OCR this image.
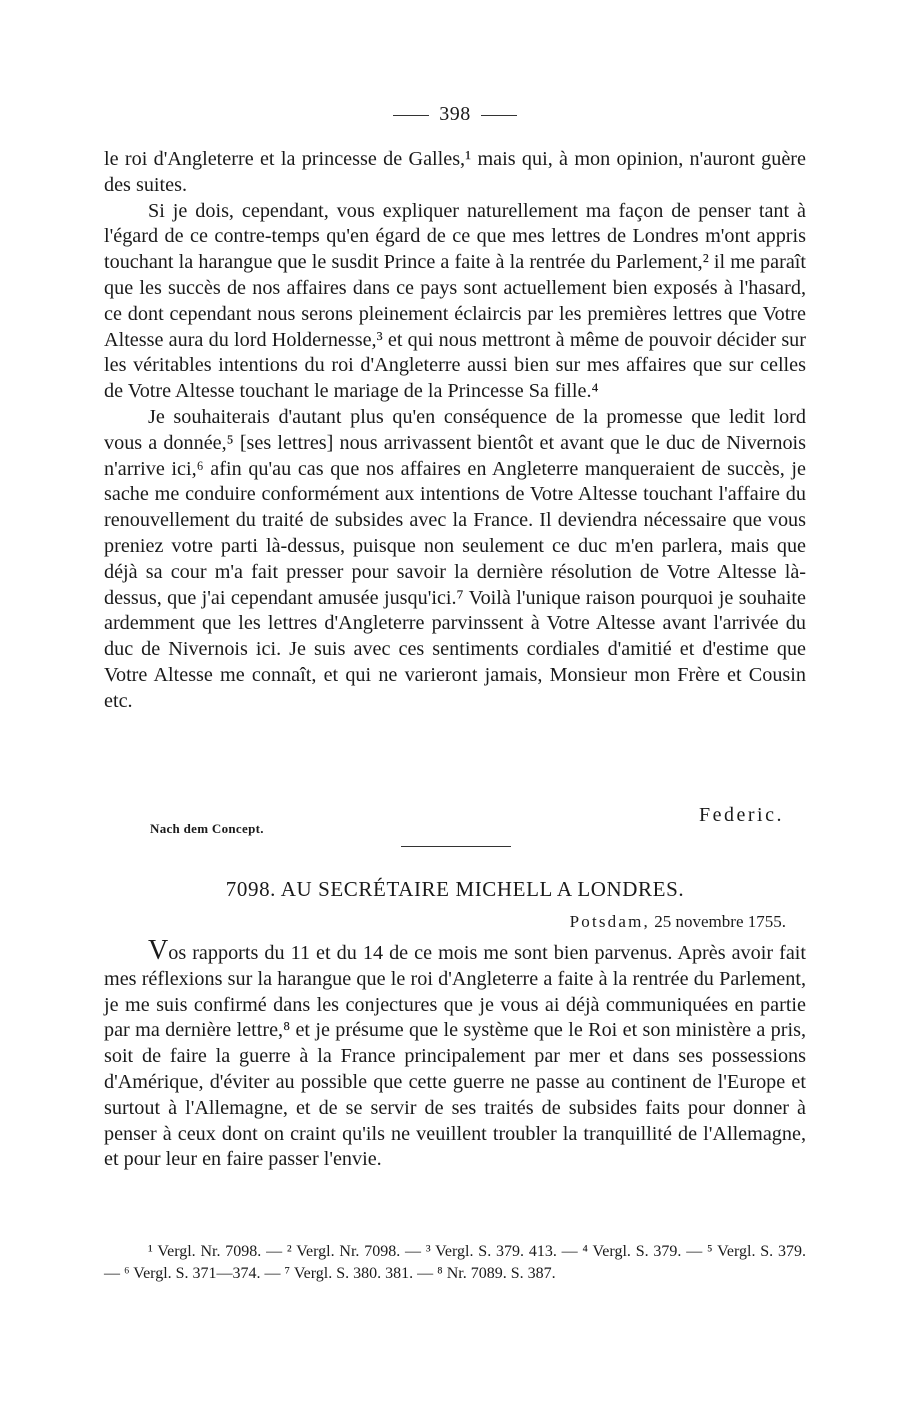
398

le roi d'Angleterre et la princesse de Galles,¹ mais qui, à mon opinion, n'auront guère des suites.

Si je dois, cependant, vous expliquer naturellement ma façon de penser tant à l'égard de ce contre-temps qu'en égard de ce que mes lettres de Londres m'ont appris touchant la harangue que le susdit Prince a faite à la rentrée du Parlement,² il me paraît que les succès de nos affaires dans ce pays sont actuellement bien exposés à l'hasard, ce dont cependant nous serons pleinement éclaircis par les premières lettres que Votre Altesse aura du lord Holdernesse,³ et qui nous mettront à même de pouvoir décider sur les véritables intentions du roi d'Angleterre aussi bien sur mes affaires que sur celles de Votre Altesse touchant le mariage de la Princesse Sa fille.⁴

Je souhaiterais d'autant plus qu'en conséquence de la promesse que ledit lord vous a donnée,⁵ [ses lettres] nous arrivassent bientôt et avant que le duc de Nivernois n'arrive ici,⁶ afin qu'au cas que nos affaires en Angleterre manqueraient de succès, je sache me conduire conformément aux intentions de Votre Altesse touchant l'affaire du renouvellement du traité de subsides avec la France. Il deviendra nécessaire que vous preniez votre parti là-dessus, puisque non seulement ce duc m'en parlera, mais que déjà sa cour m'a fait presser pour savoir la dernière résolution de Votre Altesse là-dessus, que j'ai cependant amusée jusqu'ici.⁷ Voilà l'unique raison pourquoi je souhaite ardemment que les lettres d'Angleterre parvinssent à Votre Altesse avant l'arrivée du duc de Nivernois ici. Je suis avec ces sentiments cordiales d'amitié et d'estime que Votre Altesse me connaît, et qui ne varieront jamais, Monsieur mon Frère et Cousin etc.

Federic.
Nach dem Concept.
7098. AU SECRÉTAIRE MICHELL A LONDRES.
Potsdam, 25 novembre 1755.

Vos rapports du 11 et du 14 de ce mois me sont bien parvenus. Après avoir fait mes réflexions sur la harangue que le roi d'Angleterre a faite à la rentrée du Parlement, je me suis confirmé dans les conjectures que je vous ai déjà communiquées en partie par ma dernière lettre,⁸ et je présume que le système que le Roi et son ministère a pris, soit de faire la guerre à la France principalement par mer et dans ses possessions d'Amérique, d'éviter au possible que cette guerre ne passe au continent de l'Europe et surtout à l'Allemagne, et de se servir de ses traités de subsides faits pour donner à penser à ceux dont on craint qu'ils ne veuillent troubler la tranquillité de l'Allemagne, et pour leur en faire passer l'envie.

¹ Vergl. Nr. 7098. — ² Vergl. Nr. 7098. — ³ Vergl. S. 379. 413. — ⁴ Vergl. S. 379. — ⁵ Vergl. S. 379. — ⁶ Vergl. S. 371—374. — ⁷ Vergl. S. 380. 381. — ⁸ Nr. 7089. S. 387.
